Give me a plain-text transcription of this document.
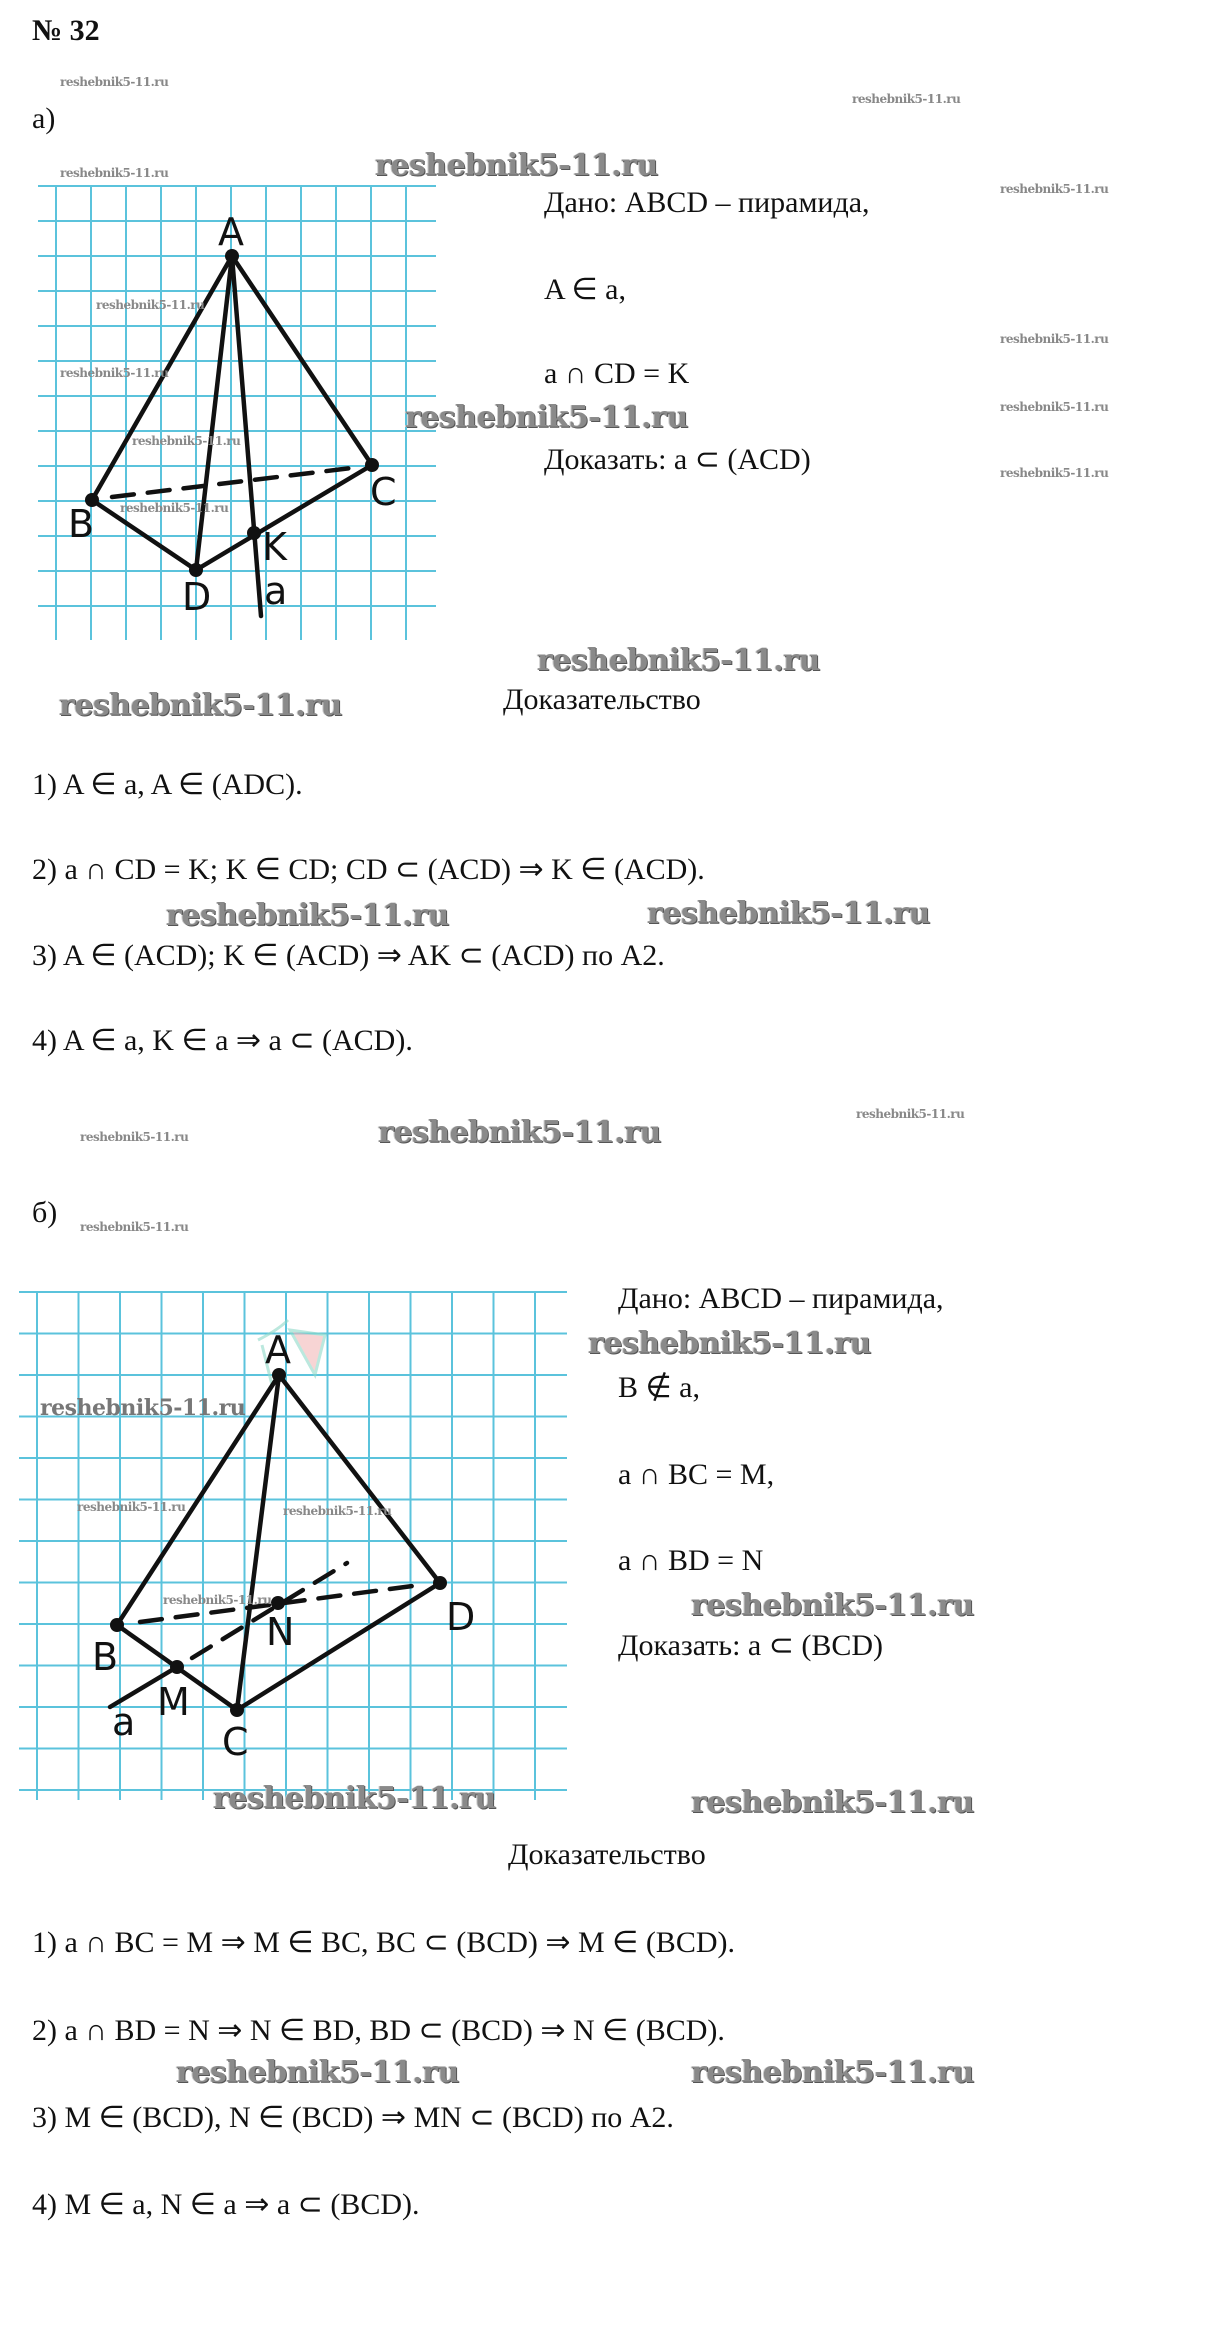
№ 32
а)
A
B
C
D
K
a
Дано: ABCD – пирамида,
A ∈ a,
a ∩ CD = K
Доказать: a ⊂ (ACD)
Доказательство
1) A ∈ a, A ∈ (ADC).
2) a ∩ CD = K; K ∈ CD; CD ⊂ (ACD) ⇒ K ∈ (ACD).
3) A ∈ (ACD); K ∈ (ACD) ⇒ AK ⊂ (ACD) по А2.
4) A ∈ a, K ∈ a ⇒ a ⊂ (ACD).
б)
A
B
C
D
M
N
a
Дано: ABCD – пирамида,
B ∉ a,
a ∩ BC = M,
a ∩ BD = N
Доказать: a ⊂ (BCD)
Доказательство
1) a ∩ BC = M ⇒ M ∈ BC, BC ⊂ (BCD) ⇒ M ∈ (BCD).
2) a ∩ BD = N ⇒ N ∈ BD, BD ⊂ (BCD) ⇒ N ∈ (BCD).
3) M ∈ (BCD), N ∈ (BCD) ⇒ MN ⊂ (BCD) по А2.
4) M ∈ a, N ∈ a ⇒ a ⊂ (BCD).
reshebnik5-11.ru
reshebnik5-11.ru
reshebnik5-11.ru
reshebnik5-11.ru
reshebnik5-11.ru	reshebnik5-11.ru
reshebnik5-11.ru
reshebnik5-11.ru
reshebnik5-11.ru
reshebnik5-11.ru
reshebnik5-11.ru	reshebnik5-11.ru
reshebnik5-11.ru	reshebnik5-11.ru
reshebnik5-11.ru
reshebnik5-11.ru
reshebnik5-11.ru
reshebnik5-11.ru
reshebnik5-11.ru
reshebnik5-11.ru
reshebnik5-11.ru
reshebnik5-11.ru
reshebnik5-11.ru
reshebnik5-11.ru
reshebnik5-11.ru
reshebnik5-11.ru
reshebnik5-11.ru
reshebnik5-11.ru
reshebnik5-11.ru	reshebnik5-11.ru
reshebnik5-11.ru
